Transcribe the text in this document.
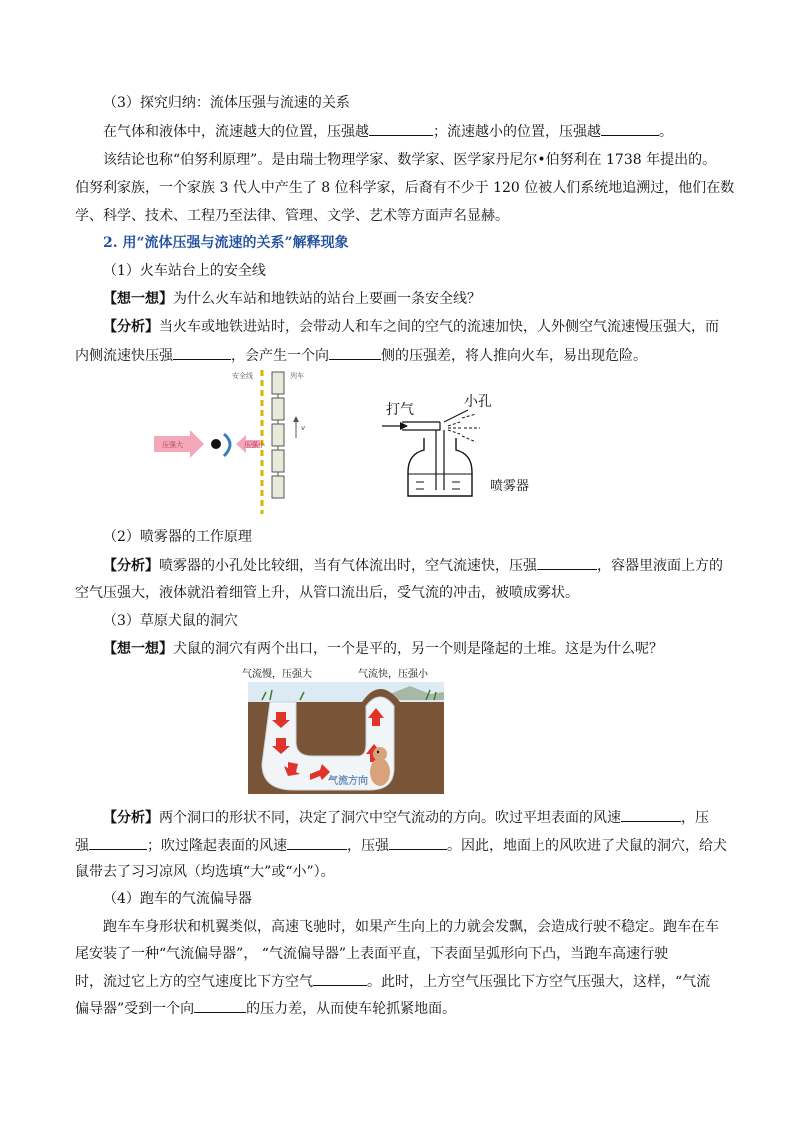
（3）探究归纳：流体压强与流速的关系
在气体和液体中，流速越大的位置，压强越	；流速越小的位置，压强越	。
该结论也称“伯努利原理”。是由瑞士物理学家、数学家、医学家丹尼尔•伯努利在 1738 年提出的。
伯努利家族，一个家族 3 代人中产生了 8 位科学家，后裔有不少于 120 位被人们系统地追溯过，他们在数
学、科学、技术、工程乃至法律、管理、文学、艺术等方面声名显赫。
2. 用“流体压强与流速的关系”解释现象
（1）火车站台上的安全线
【想一想】为什么火车站和地铁站的站台上要画一条安全线？
【分析】当火车或地铁进站时，会带动人和车之间的空气的流速加快，人外侧空气流速慢压强大，而
内侧流速快压强	，会产生一个向	侧的压强差，将人推向火车，易出现危险。
安全线	列车
v
压强大	压强小
打气	小孔
喷雾器
（2）喷雾器的工作原理
【分析】喷雾器的小孔处比较细，当有气体流出时，空气流速快，压强	，容器里液面上方的
空气压强大，液体就沿着细管上升，从管口流出后，受气流的冲击，被喷成雾状。
（3）草原犬鼠的洞穴
【想一想】犬鼠的洞穴有两个出口，一个是平的，另一个则是隆起的土堆。这是为什么呢？
气流慢，压强大	气流快，压强小
气流方向
【分析】两个洞口的形状不同，决定了洞穴中空气流动的方向。吹过平坦表面的风速	，压
强	；吹过隆起表面的风速	，压强	。因此，地面上的风吹进了犬鼠的洞穴，给犬
鼠带去了习习凉风（均选填“大”或“小”）。
（4）跑车的气流偏导器
跑车车身形状和机翼类似，高速飞驰时，如果产生向上的力就会发飘，会造成行驶不稳定。跑车在车
尾安装了一种“气流偏导器”， “气流偏导器”上表面平直，下表面呈弧形向下凸，当跑车高速行驶
时，流过它上方的空气速度比下方空气	。此时，上方空气压强比下方空气压强大，这样，“气流
偏导器”受到一个向	的压力差，从而使车轮抓紧地面。
